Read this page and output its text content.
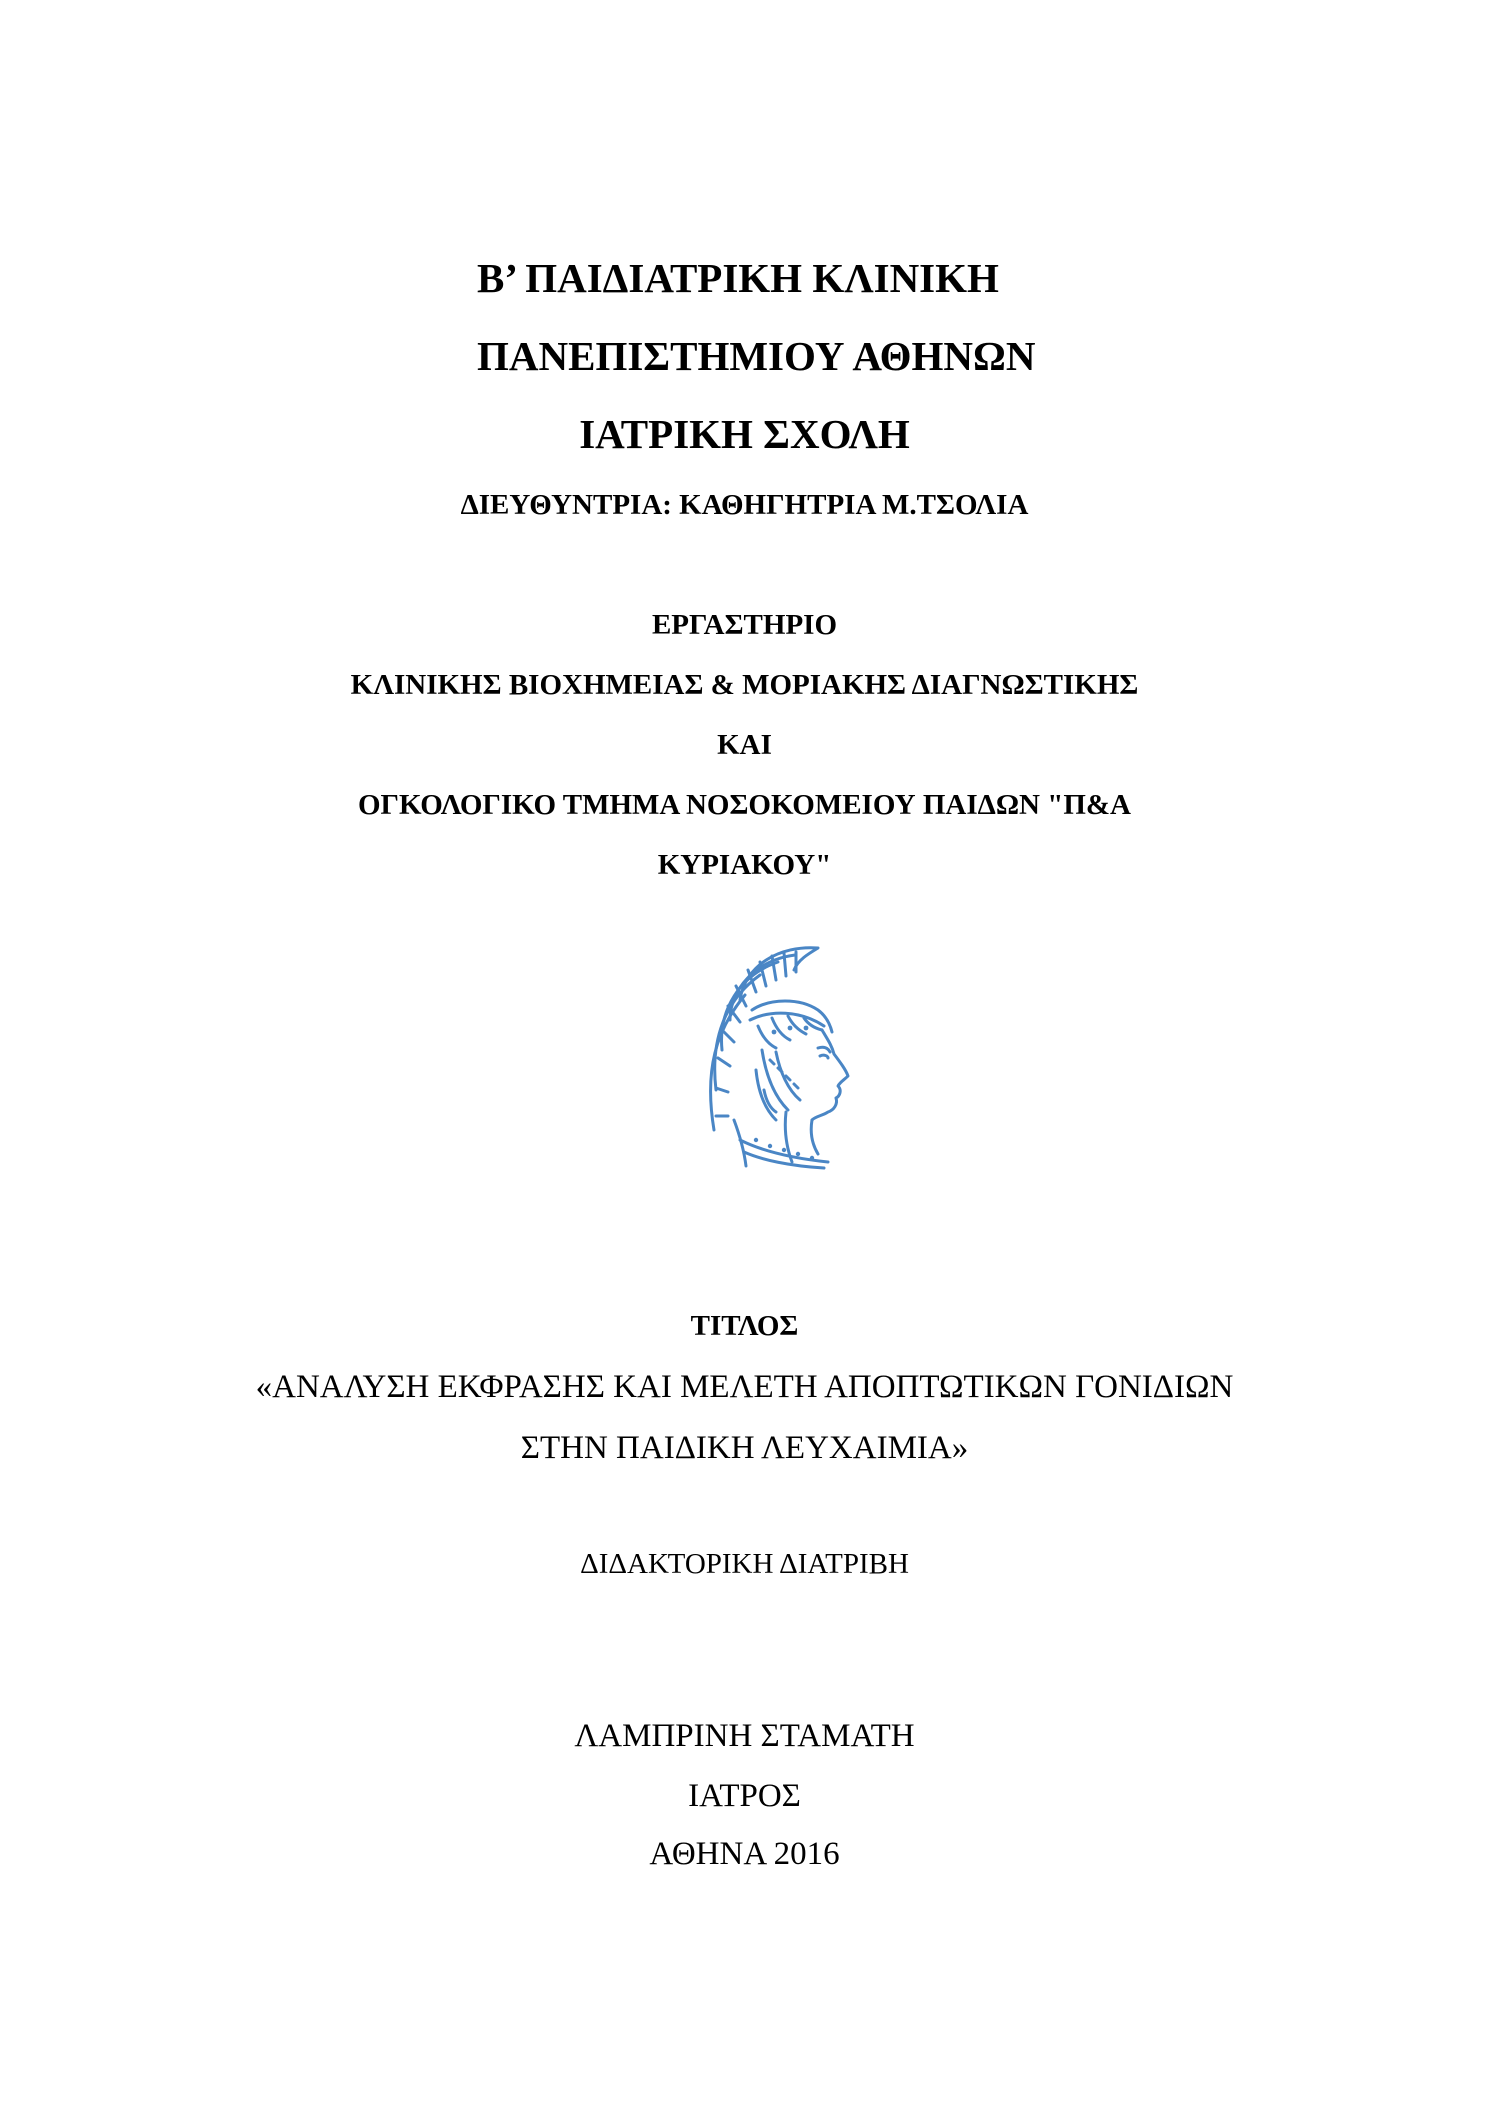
Β’ ΠΑΙΔΙΑΤΡΙΚΗ ΚΛΙΝΙΚΗ
ΠΑΝΕΠΙΣΤΗΜΙΟΥ ΑΘΗΝΩΝ
ΙΑΤΡΙΚΗ ΣΧΟΛΗ

ΔΙΕΥΘΥΝΤΡΙΑ: ΚΑΘΗΓΗΤΡΙΑ Μ.ΤΣΟΛΙΑ

ΕΡΓΑΣΤΗΡΙΟ

ΚΛΙΝΙΚΗΣ ΒΙΟΧΗΜΕΙΑΣ & ΜΟΡΙΑΚΗΣ ΔΙΑΓΝΩΣΤΙΚΗΣ

ΚΑΙ

ΟΓΚΟΛΟΓΙΚΟ ΤΜΗΜΑ ΝΟΣΟΚΟΜΕΙΟΥ ΠΑΙΔΩΝ "Π&Α

ΚΥΡΙΑΚΟΥ"

ΤΙΤΛΟΣ

«ΑΝΑΛΥΣΗ ΕΚΦΡΑΣΗΣ ΚΑΙ ΜΕΛΕΤΗ ΑΠΟΠΤΩΤΙΚΩΝ ΓΟΝΙΔΙΩΝ

ΣΤΗΝ ΠΑΙΔΙΚΗ ΛΕΥΧΑΙΜΙΑ»

ΔΙΔΑΚΤΟΡΙΚΗ ΔΙΑΤΡΙΒΗ

ΛΑΜΠΡΙΝΗ ΣΤΑΜΑΤΗ

ΙΑΤΡΟΣ

ΑΘΗΝΑ 2016
